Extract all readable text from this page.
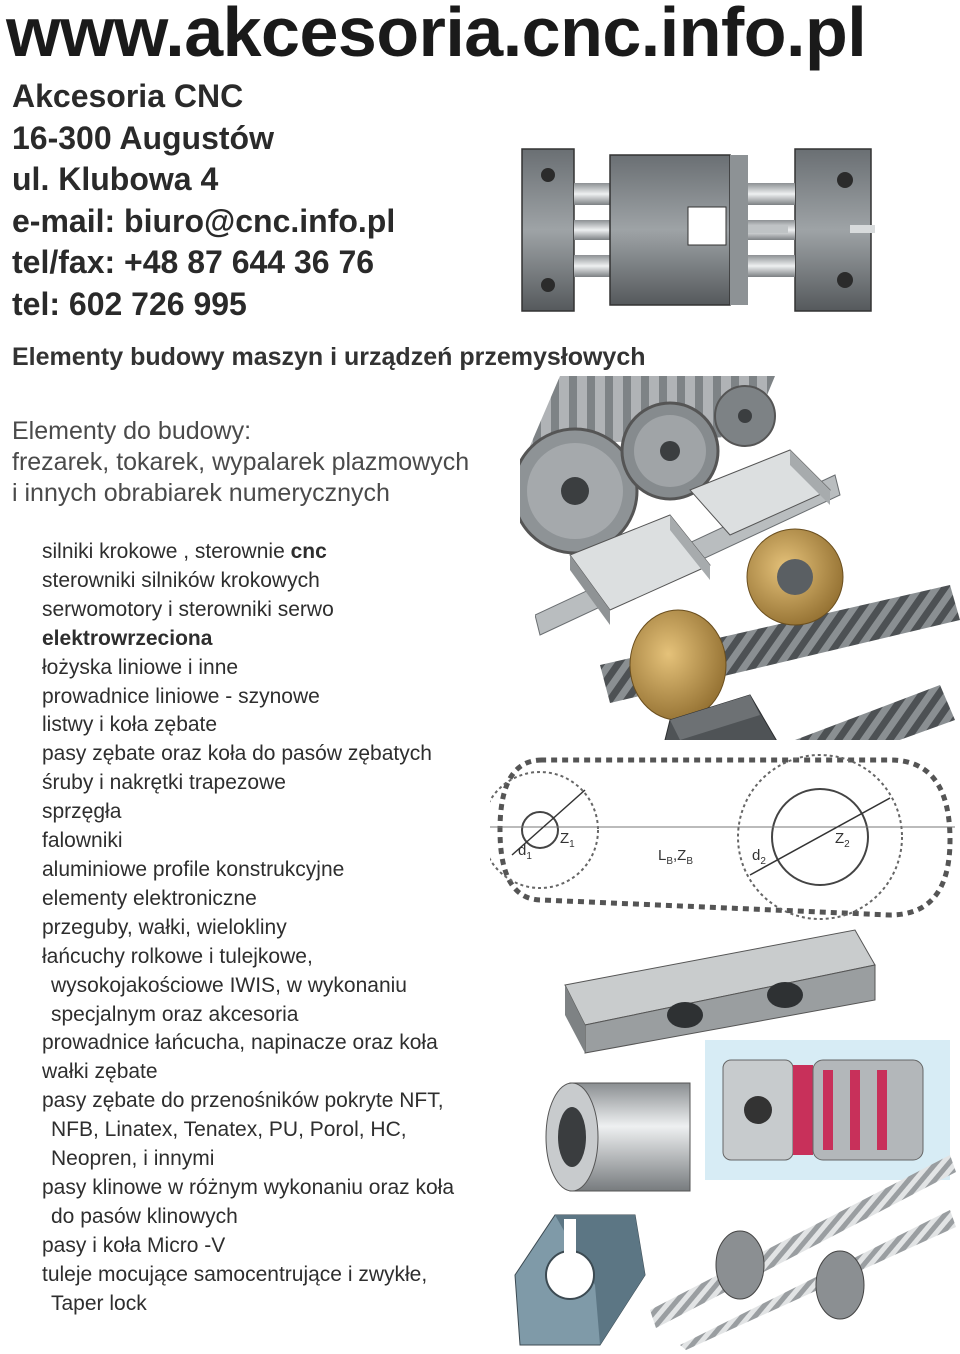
www.akcesoria.cnc.info.pl
Akcesoria CNC
16-300 Augustów
ul. Klubowa 4
e-mail: biuro@cnc.info.pl
tel/fax: +48 87 644 36 76
tel: 602 726 995
Elementy budowy maszyn i urządzeń przemysłowych
Elementy do budowy:
frezarek, tokarek, wypalarek plazmowych
i innych obrabiarek numerycznych
silniki krokowe , sterownie cnc
sterowniki silników krokowych
serwomotory i sterowniki serwo
elektrowrzeciona
łożyska liniowe i inne
prowadnice liniowe - szynowe
listwy i koła zębate
pasy zębate oraz koła do pasów zębatych
śruby i nakrętki trapezowe
sprzęgła
falowniki
aluminiowe profile konstrukcyjne
elementy elektroniczne
przeguby, wałki, wielokliny
łańcuchy rolkowe i tulejkowe,
wysokojakościowe IWIS, w wykonaniu
specjalnym oraz akcesoria
prowadnice łańcucha, napinacze oraz koła
wałki zębate
pasy zębate do przenośników pokryte NFT,
NFB, Linatex, Tenatex, PU, Porol, HC,
Neopren, i innymi
pasy klinowe w różnym wykonaniu oraz koła
do pasów klinowych
pasy i koła Micro -V
tuleje mocujące samocentrujące i zwykłe,
Taper lock
$d_1$
$Z_1$
$L_B,Z_B$	$d_2$
$Z_2$
